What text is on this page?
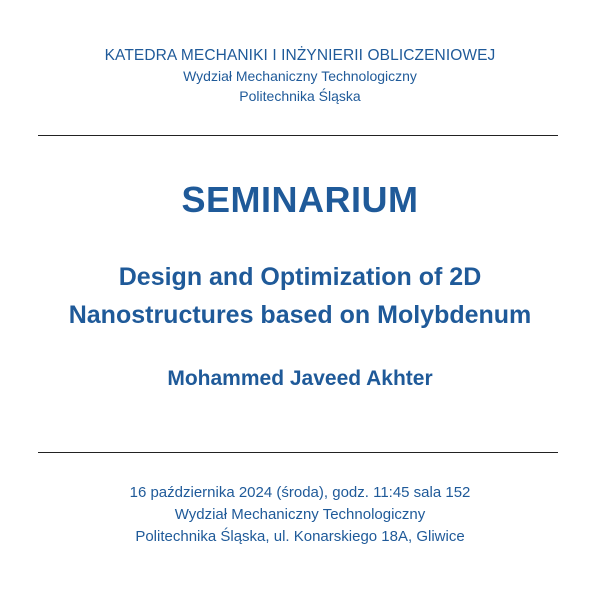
KATEDRA MECHANIKI I INŻYNIERII OBLICZENIOWEJ
Wydział Mechaniczny Technologiczny
Politechnika Śląska
SEMINARIUM
Design and Optimization of 2D
Nanostructures based on Molybdenum
Mohammed Javeed Akhter
16 października 2024 (środa), godz. 11:45 sala 152
Wydział Mechaniczny Technologiczny
Politechnika Śląska, ul. Konarskiego 18A, Gliwice
